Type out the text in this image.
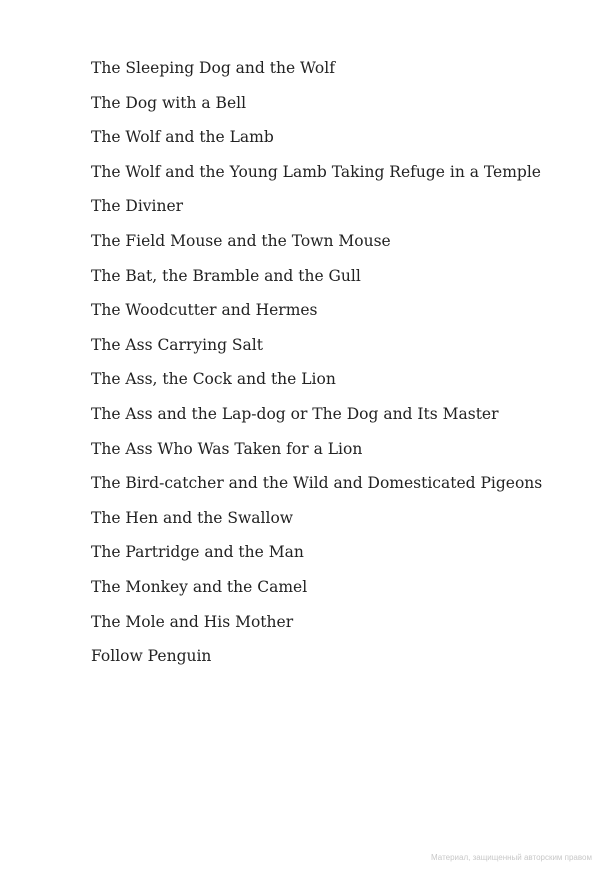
The Sleeping Dog and the Wolf
The Dog with a Bell
The Wolf and the Lamb
The Wolf and the Young Lamb Taking Refuge in a Temple
The Diviner
The Field Mouse and the Town Mouse
The Bat, the Bramble and the Gull
The Woodcutter and Hermes
The Ass Carrying Salt
The Ass, the Cock and the Lion
The Ass and the Lap-dog or The Dog and Its Master
The Ass Who Was Taken for a Lion
The Bird-catcher and the Wild and Domesticated Pigeons
The Hen and the Swallow
The Partridge and the Man
The Monkey and the Camel
The Mole and His Mother
Follow Penguin
Материал, защищенный авторским правом
